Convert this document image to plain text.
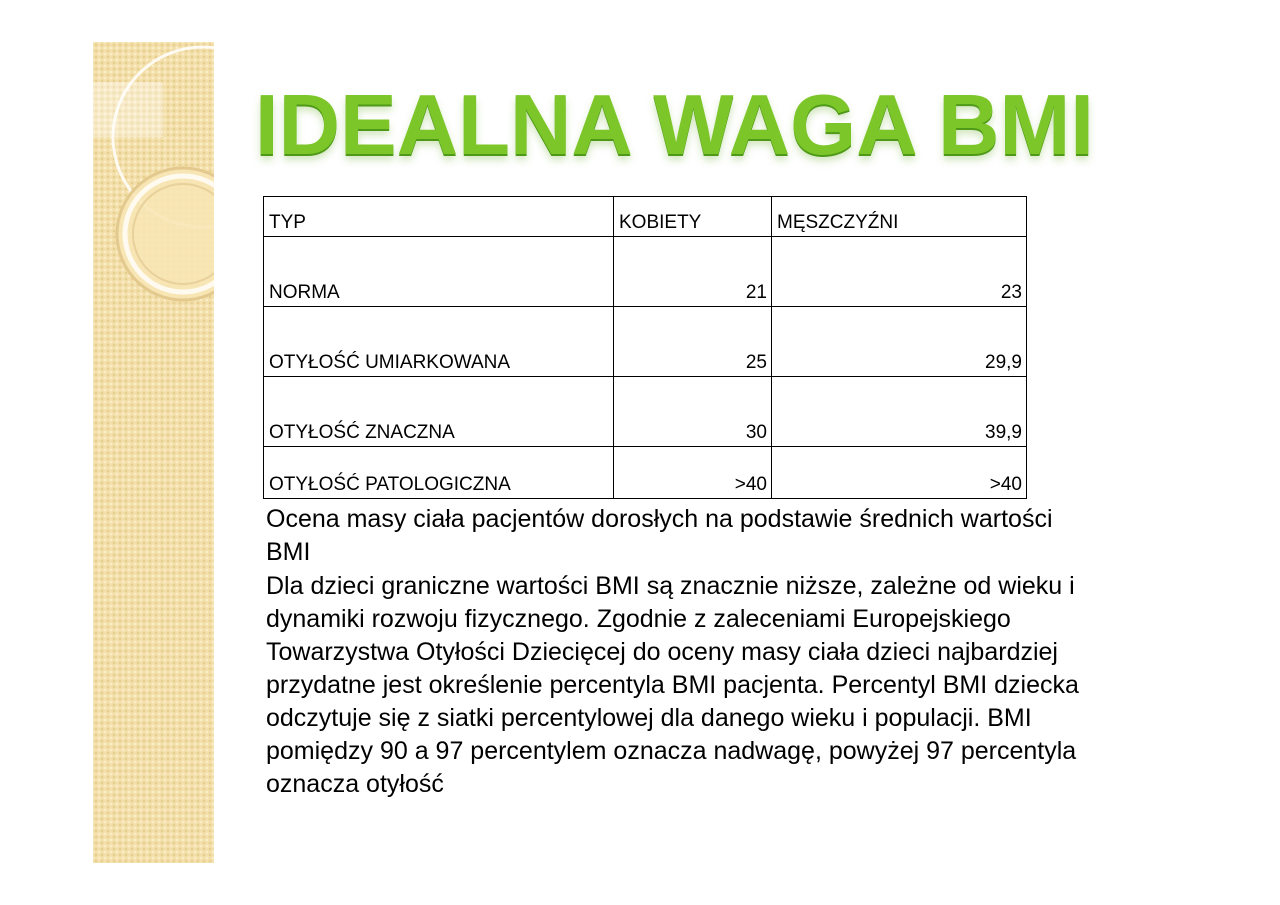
IDEALNA WAGA BMI
TYP	KOBIETY	MĘSZCZYŹNI
NORMA	21	23
OTYŁOŚĆ UMIARKOWANA	25	29,9
OTYŁOŚĆ ZNACZNA	30	39,9
OTYŁOŚĆ PATOLOGICZNA	>40	>40

Ocena masy ciała pacjentów dorosłych na podstawie średnich wartości BMI

Dla dzieci graniczne wartości BMI są znacznie niższe, zależne od wieku i dynamiki rozwoju fizycznego. Zgodnie z zaleceniami Europejskiego Towarzystwa Otyłości Dziecięcej do oceny masy ciała dzieci najbardziej przydatne jest określenie percentyla BMI pacjenta. Percentyl BMI dziecka odczytuje się z siatki percentylowej dla danego wieku i populacji. BMI pomiędzy 90 a 97 percentylem oznacza nadwagę, powyżej 97 percentyla oznacza otyłość
